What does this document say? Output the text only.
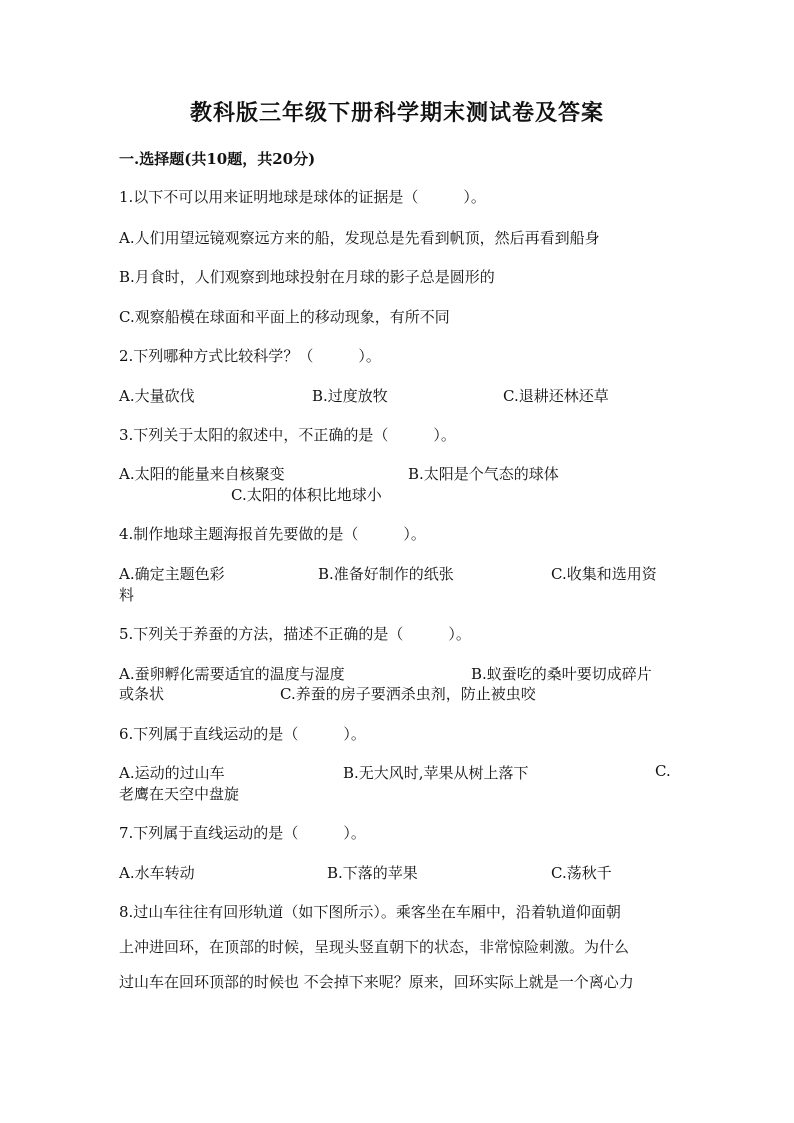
教科版三年级下册科学期末测试卷及答案
一.选择题(共10题，共20分)
1.以下不可以用来证明地球是球体的证据是（　　　）。
A.人们用望远镜观察远方来的船，发现总是先看到帆顶，然后再看到船身
B.月食时，人们观察到地球投射在月球的影子总是圆形的
C.观察船模在球面和平面上的移动现象，有所不同
2.下列哪种方式比较科学？（　　　）。
A.大量砍伐	B.过度放牧	C.退耕还林还草
3.下列关于太阳的叙述中，不正确的是（　　　）。
A.太阳的能量来自核聚变	B.太阳是个气态的球体
C.太阳的体积比地球小
4.制作地球主题海报首先要做的是（　　　）。
A.确定主题色彩	B.准备好制作的纸张	C.收集和选用资
料
5.下列关于养蚕的方法，描述不正确的是（　　　）。
A.蚕卵孵化需要适宜的温度与湿度	B.蚁蚕吃的桑叶要切成碎片
或条状	C.养蚕的房子要洒杀虫剂，防止被虫咬
6.下列属于直线运动的是（　　　）。
A.运动的过山车	B.无大风时,苹果从树上落下	C.
老鹰在天空中盘旋
7.下列属于直线运动的是（　　　）。
A.水车转动	B.下落的苹果	C.荡秋千
8.过山车往往有回形轨道（如下图所示）。乘客坐在车厢中，沿着轨道仰面朝
上冲进回环，在顶部的时候，呈现头竖直朝下的状态，非常惊险刺激。为什么
过山车在回环顶部的时候也 不会掉下来呢？原来，回环实际上就是一个离心力
